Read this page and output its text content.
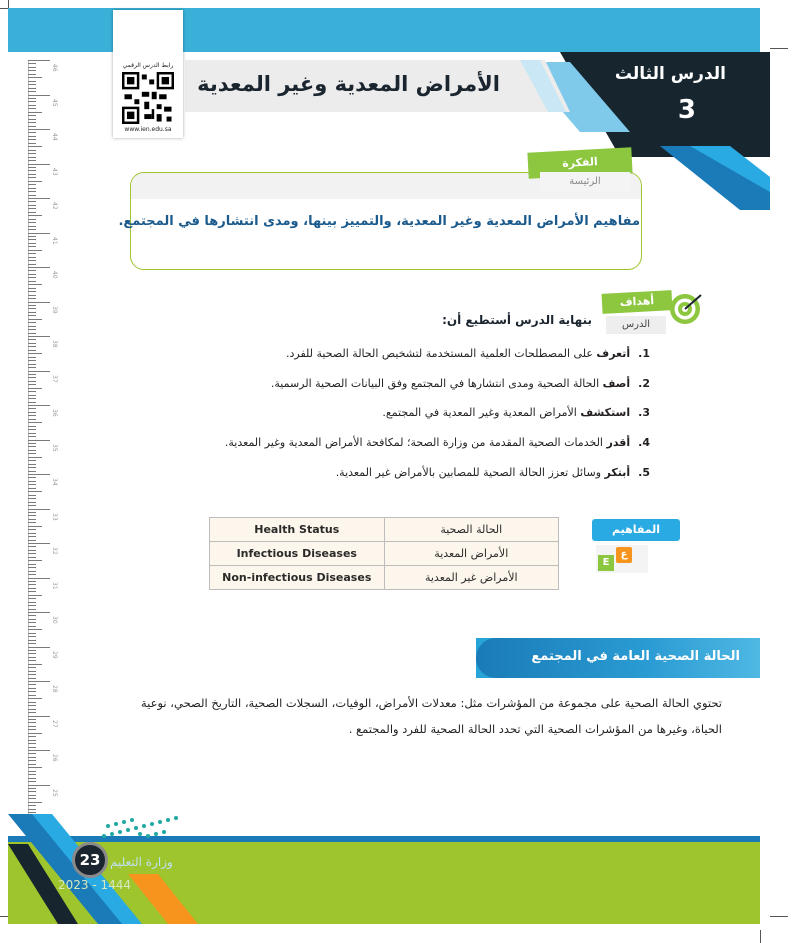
الدرس الثالث
3
الأمراض المعدية وغير المعدية
رابط الدرس الرقمي
www.ien.edu.sa
46
45
44
43
42
41
40
39
38
37
36
35
34
33
32
31
30
29
28
27
26
25
الفكرة
الرئيسة
مفاهيم الأمراض المعدية وغير المعدية، والتمييز بينها، ومدى انتشارها في المجتمع.
أهداف
الدرس
بنهاية الدرس أستطيع أن:
1.أتعرف على المصطلحات العلمية المستخدمة لتشخيص الحالة الصحية للفرد.
2.أصف الحالة الصحية ومدى انتشارها في المجتمع وفق البيانات الصحية الرسمية.
3.استكشف الأمراض المعدية وغير المعدية في المجتمع.
4.أقدر الخدمات الصحية المقدمة من وزارة الصحة؛ لمكافحة الأمراض المعدية وغير المعدية.
5.أبتكر وسائل تعزز الحالة الصحية للمصابين بالأمراض غير المعدية.
المفاهيم
E
ع
Health Status	الحالة الصحية
Infectious Diseases	الأمراض المعدية
Non-infectious Diseases	الأمراض غير المعدية
الحالة الصحية العامة في المجتمع
تحتوي الحالة الصحية على مجموعة من المؤشرات مثل: معدلات الأمراض، الوفيات، السجلات الصحية، التاريخ الصحي، نوعية
الحياة، وغيرها من المؤشرات الصحية التي تحدد الحالة الصحية للفرد والمجتمع .
23 وزارة التعليم
2023 - 1444
